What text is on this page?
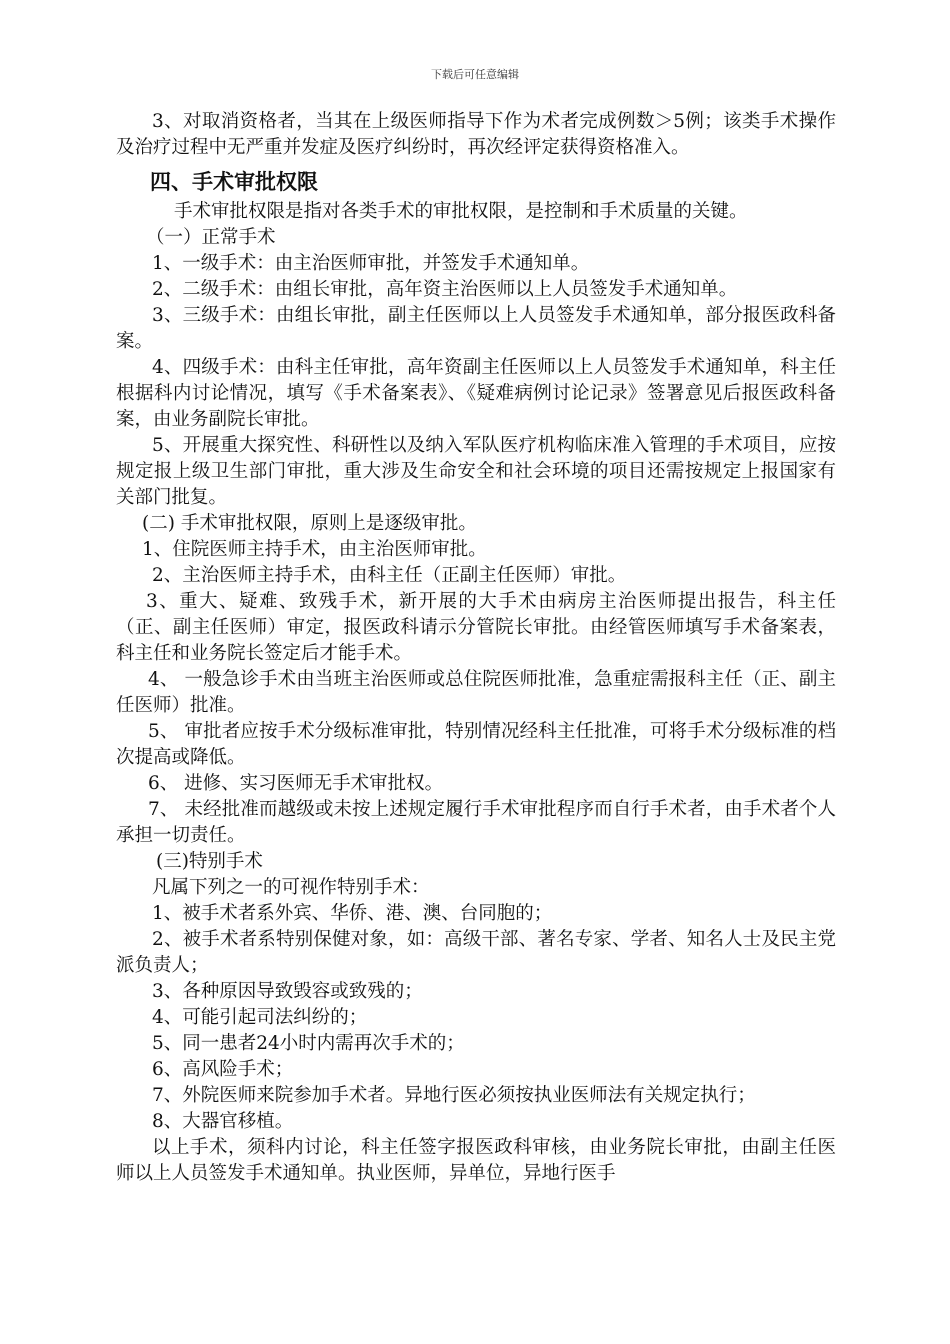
下载后可任意编辑

3、对取消资格者，当其在上级医师指导下作为术者完成例数＞5例；该类手术操作及治疗过程中无严重并发症及医疗纠纷时，再次经评定获得资格准入。

四、手术审批权限

手术审批权限是指对各类手术的审批权限，是控制和手术质量的关键。

（一）正常手术

1、一级手术：由主治医师审批，并签发手术通知单。

2、二级手术：由组长审批，高年资主治医师以上人员签发手术通知单。

3、三级手术：由组长审批，副主任医师以上人员签发手术通知单，部分报医政科备案。

4、四级手术：由科主任审批，高年资副主任医师以上人员签发手术通知单，科主任根据科内讨论情况，填写《手术备案表》、《疑难病例讨论记录》签署意见后报医政科备案，由业务副院长审批。

5、开展重大探究性、科研性以及纳入军队医疗机构临床准入管理的手术项目，应按规定报上级卫生部门审批，重大涉及生命安全和社会环境的项目还需按规定上报国家有关部门批复。

(二) 手术审批权限，原则上是逐级审批。

1、住院医师主持手术，由主治医师审批。

2、主治医师主持手术，由科主任（正副主任医师）审批。

3、重大、疑难、致残手术，新开展的大手术由病房主治医师提出报告，科主任（正、副主任医师）审定，报医政科请示分管院长审批。由经管医师填写手术备案表，科主任和业务院长签定后才能手术。

4、 一般急诊手术由当班主治医师或总住院医师批准，急重症需报科主任（正、副主任医师）批准。

5、 审批者应按手术分级标准审批，特别情况经科主任批准，可将手术分级标准的档次提高或降低。

6、 进修、实习医师无手术审批权。

7、 未经批准而越级或未按上述规定履行手术审批程序而自行手术者，由手术者个人承担一切责任。

(三)特别手术

凡属下列之一的可视作特别手术：

1、被手术者系外宾、华侨、港、澳、台同胞的；

2、被手术者系特别保健对象，如：高级干部、著名专家、学者、知名人士及民主党派负责人；

3、各种原因导致毁容或致残的；

4、可能引起司法纠纷的；

5、同一患者24小时内需再次手术的；

6、高风险手术；

7、外院医师来院参加手术者。异地行医必须按执业医师法有关规定执行；

8、大器官移植。

以上手术，须科内讨论，科主任签字报医政科审核，由业务院长审批，由副主任医师以上人员签发手术通知单。执业医师，异单位，异地行医手
